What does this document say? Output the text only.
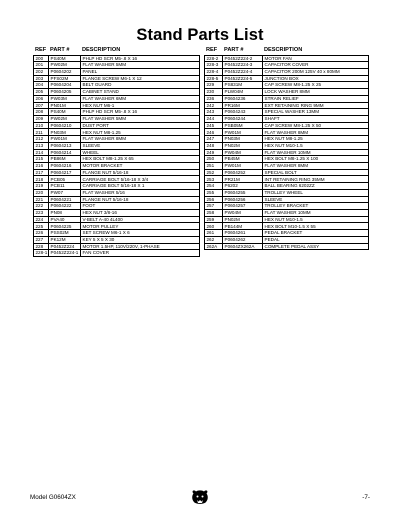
Stand Parts List
REF	PART #	DESCRIPTION
200	PS40M	PHLP HD SCR M5-.8 X 16
201	PW02M	FLAT WASHER 5MM
202	P0604202	PANEL
203	PFS02M	FLANGE SCREW M6-1 X 12
204	P0604204	BELT GUARD
205	P0604205	CABINET STAND
206	PW03M	FLAT WASHER 6MM
207	PN01M	HEX NUT M6-1
208	PS40M	PHLP HD SCR M5-.8 X 16
209	PW02M	FLAT WASHER 5MM
210	P0604210	DUST PORT
211	PN03M	HEX NUT M8-1.25
212	PW01M	FLAT WASHER 8MM
213	P0604213	SLEEVE
214	P0604214	WHEEL
215	PB86M	HEX BOLT M8-1.25 X 65
216	P0604216	MOTOR BRACKET
217	P0604217	FLANGE NUT 5/16-18
218	PCB05	CARRIAGE BOLT 5/16-18 X 3/4
219	PCB11	CARRIAGE BOLT 5/16-18 X 1
220	PW07	FLAT WASHER 5/16
221	P0604221	FLANGE NUT 5/16-18
222	P0604222	FOOT
223	PN08	HEX NUT 3/8-16
224	PVA40	V-BELT A-40 4L400
225	P0604225	MOTOR PULLEY
226	PSS02M	SET SCREW M6-1 X 6
227	PK12M	KEY 5 X 5 X 30
228	P0452Z224	MOTOR 1.5HP, 110V/220V, 1-PHASE
228-1	P0452Z224-1	FAN COVER
REF	PART #	DESCRIPTION
228-2	P0452Z224-2	MOTOR FAN
228-3	P0452Z224-3	CAPACITOR COVER
228-4	P0452Z224-4	CAPACITOR 200M 125V 40 x 80MM
228-5	P0452Z224-5	JUNCTION BOX
229	PS831M	CAP SCREW M8-1.25 X 25
230	PLW04M	LOCK WASHER 8MM
236	P0604236	STRAIN RELIEF
242	PR16M	EXT RETAINING RING 9MM
243	P0604243	SPECIAL WASHER 13MM
244	P0604244	SHAFT
245	PSB05M	CAP SCREW M8-1.25 X 50
246	PW01M	FLAT WASHER 8MM
247	PN03M	HEX NUT M8-1.25
248	PN02M	HEX NUT M10-1.5
249	PW04M	FLAT WASHER 10MM
250	PB45M	HEX BOLT M8-1.25 X 100
251	PW01M	FLAT WASHER 8MM
252	P0604252	SPECIAL BOLT
253	PR21M	INT RETAINING RING 35MM
254	P6202	BALL BEARING 6202ZZ
255	P0604255	TROLLEY WHEEL
256	P0604256	SLEEVE
257	P0604257	TROLLEY BRACKET
258	PW04M	FLAT WASHER 10MM
259	PN02M	HEX NUT M10-1.5
260	PB144M	HEX BOLT M10-1.5 X 55
261	P0604261	PEDAL BRACKET
262	P0604262	PEDAL
262A	P0604ZX262A	COMPLETE PEDAL ASSY
Model G0604ZX	-7-
